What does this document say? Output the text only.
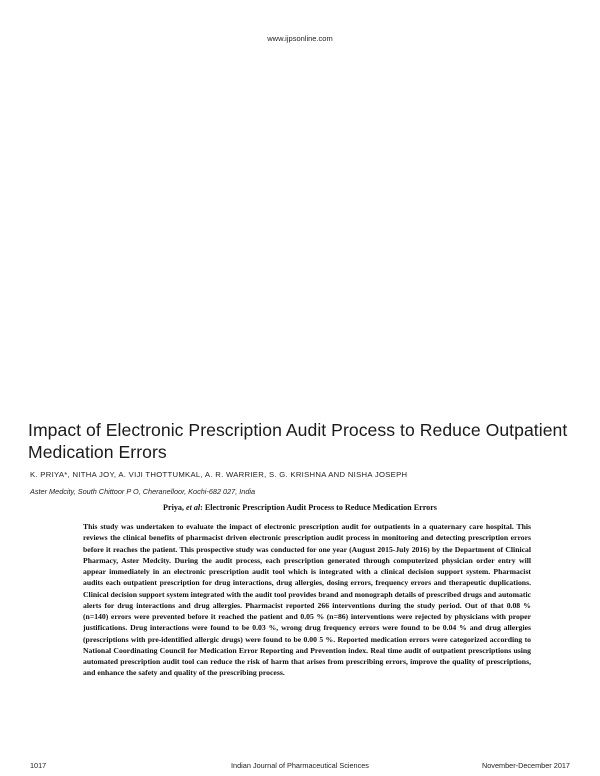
www.ijpsonline.com
Impact of Electronic Prescription Audit Process to Reduce Outpatient Medication Errors
K. PRIYA*, NITHA JOY, A. VIJI THOTTUMKAL, A. R. WARRIER, S. G. KRISHNA AND NISHA JOSEPH
Aster Medcity, South Chittoor P O, Cheranelloor, Kochi-682 027, India
Priya, et al: Electronic Prescription Audit Process to Reduce Medication Errors

This study was undertaken to evaluate the impact of electronic prescription audit for outpatients in a quaternary care hospital. This reviews the clinical benefits of pharmacist driven electronic prescription audit process in monitoring and detecting prescription errors before it reaches the patient. This prospective study was conducted for one year (August 2015-July 2016) by the Department of Clinical Pharmacy, Aster Medcity. During the audit process, each prescription generated through computerized physician order entry will appear immediately in an electronic prescription audit tool which is integrated with a clinical decision support system. Pharmacist audits each outpatient prescription for drug interactions, drug allergies, dosing errors, frequency errors and therapeutic duplications. Clinical decision support system integrated with the audit tool provides brand and monograph details of prescribed drugs and automatic alerts for drug interactions and drug allergies. Pharmacist reported 266 interventions during the study period. Out of that 0.08 % (n=140) errors were prevented before it reached the patient and 0.05 % (n=86) interventions were rejected by physicians with proper justifications. Drug interactions were found to be 0.03 %, wrong drug frequency errors were found to be 0.04 % and drug allergies (prescriptions with pre-identified allergic drugs) were found to be 0.00 5 %. Reported medication errors were categorized according to National Coordinating Council for Medication Error Reporting and Prevention index. Real time audit of outpatient prescriptions using automated prescription audit tool can reduce the risk of harm that arises from prescribing errors, improve the quality of prescriptions, and enhance the safety and quality of the prescribing process.

1017	Indian Journal of Pharmaceutical Sciences	November-December 2017
